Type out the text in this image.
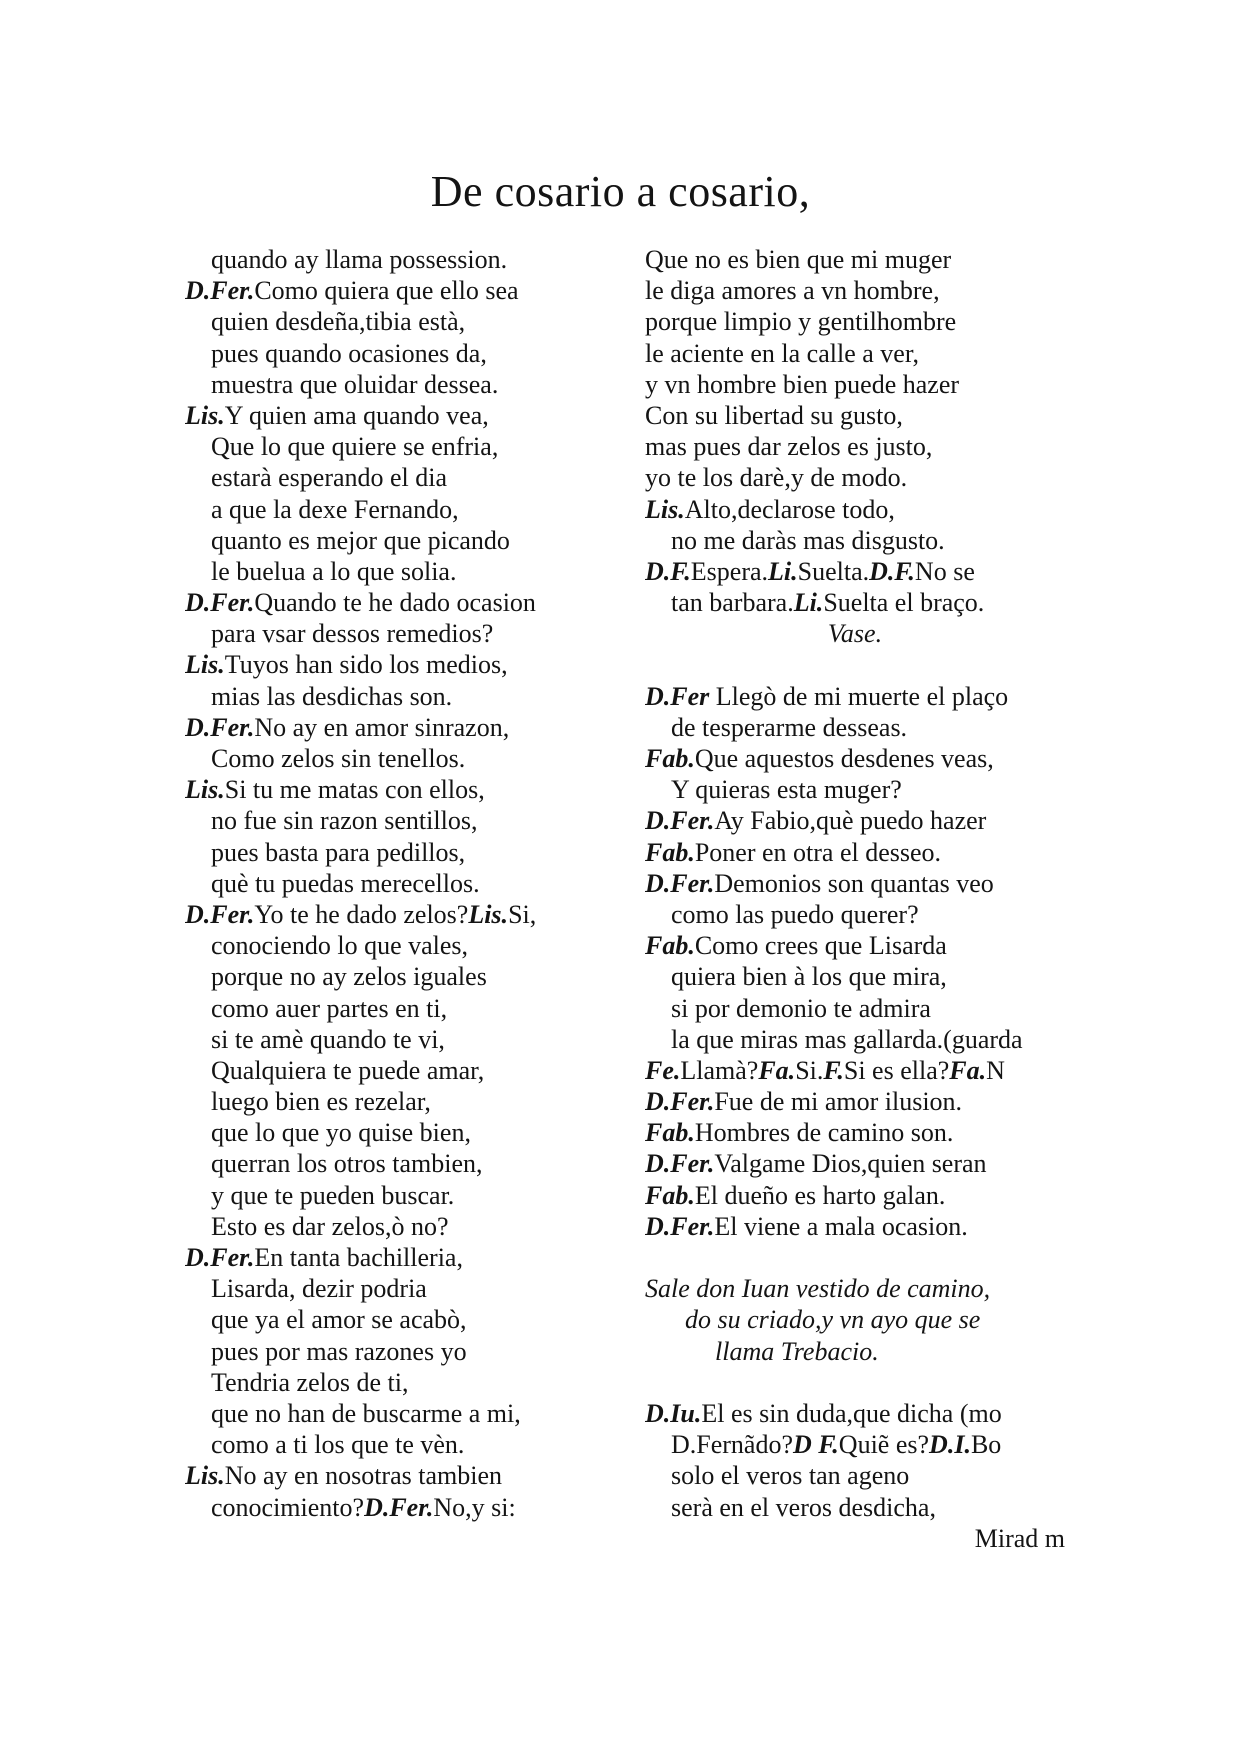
De cosario a cosario,
quando ay llama possession.
D.Fer.Como quiera que ello sea
quien desdeña,tibia està,
pues quando ocasiones da,
muestra que oluidar dessea.
Lis.Y quien ama quando vea,
Que lo que quiere se enfria,
estarà esperando el dia
a que la dexe Fernando,
quanto es mejor que picando
le buelua a lo que solia.
D.Fer.Quando te he dado ocasion
para vsar dessos remedios?
Lis.Tuyos han sido los medios,
mias las desdichas son.
D.Fer.No ay en amor sinrazon,
Como zelos sin tenellos.
Lis.Si tu me matas con ellos,
no fue sin razon sentillos,
pues basta para pedillos,
què tu puedas merecellos.
D.Fer.Yo te he dado zelos?Lis.Si,
conociendo lo que vales,
porque no ay zelos iguales
como auer partes en ti,
si te amè quando te vi,
Qualquiera te puede amar,
luego bien es rezelar,
que lo que yo quise bien,
querran los otros tambien,
y que te pueden buscar.
Esto es dar zelos,ò no?
D.Fer.En tanta bachilleria,
Lisarda, dezir podria
que ya el amor se acabò,
pues por mas razones yo
Tendria zelos de ti,
que no han de buscarme a mi,
como a ti los que te vèn.
Lis.No ay en nosotras tambien
conocimiento?D.Fer.No,y si:
Que no es bien que mi muger
le diga amores a vn hombre,
porque limpio y gentilhombre
le aciente en la calle a ver,
y vn hombre bien puede hazer
Con su libertad su gusto,
mas pues dar zelos es justo,
yo te los darè,y de modo.
Lis.Alto,declarose todo,
no me daràs mas disgusto.
D.F.Espera.Li.Suelta.D.F.No se
tan barbara.Li.Suelta el braço.
Vase.
D.Fer Llegò de mi muerte el plaço
de tesperarme desseas.
Fab.Que aquestos desdenes veas,
Y quieras esta muger?
D.Fer.Ay Fabio,què puedo hazer
Fab.Poner en otra el desseo.
D.Fer.Demonios son quantas veo
como las puedo querer?
Fab.Como crees que Lisarda
quiera bien à los que mira,
si por demonio te admira
la que miras mas gallarda.(guarda
Fe.Llamà?Fa.Si.F.Si es ella?Fa.N
D.Fer.Fue de mi amor ilusion.
Fab.Hombres de camino son.
D.Fer.Valgame Dios,quien seran
Fab.El dueño es harto galan.
D.Fer.El viene a mala ocasion.
Sale don Iuan vestido de camino,
do su criado,y vn ayo que se
llama Trebacio.
D.Iu.El es sin duda,que dicha (mo
D.Fernãdo?D F.Quiẽ es?D.I.Bo
solo el veros tan ageno
serà en el veros desdicha,
Mirad m
